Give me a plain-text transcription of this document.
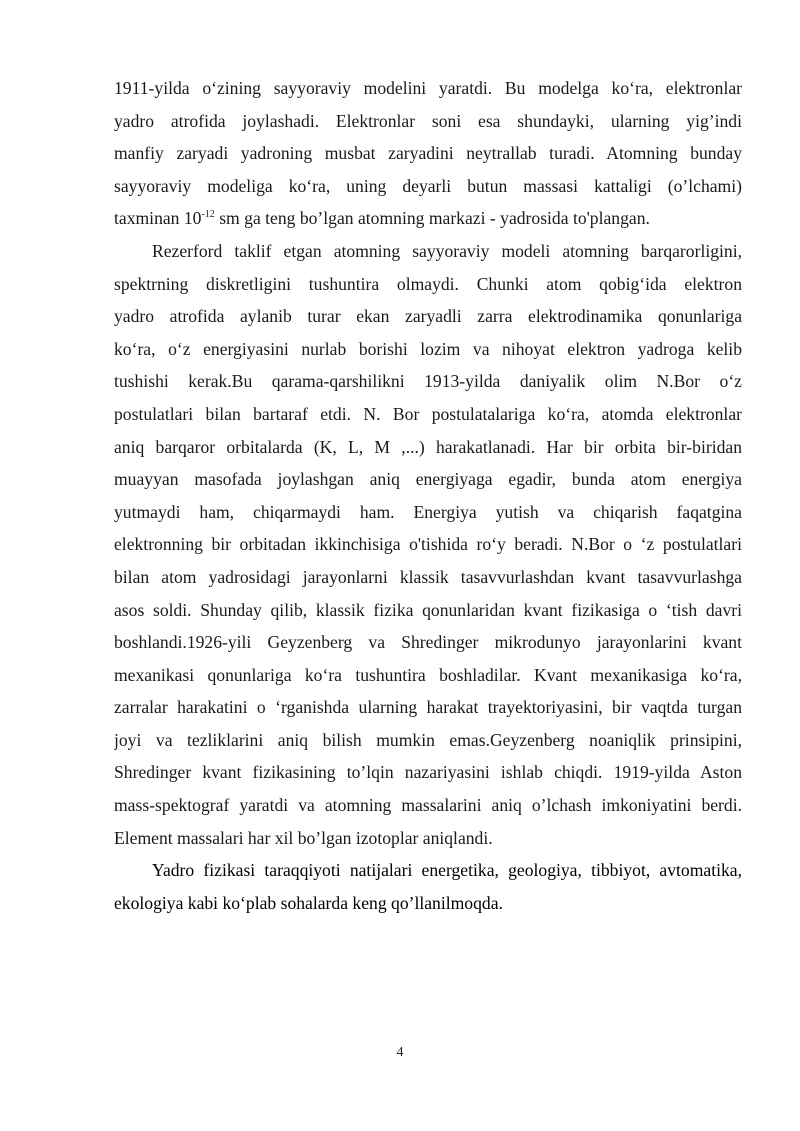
1911-yilda o‘zining sayyoraviy modelini yaratdi. Bu modelga ko‘ra, elektronlar
yadro atrofida joylashadi. Elektronlar soni esa shundayki, ularning yig’indi
manfiy zaryadi yadroning musbat zaryadini neytrallab turadi. Atomning bunday
sayyoraviy modeliga ko‘ra, uning deyarli butun massasi kattaligi (o’lchami)
taxminan $10^{-12}$ sm ga teng bo’lgan atomning markazi - yadrosida to'plangan.
Rezerford taklif etgan atomning sayyoraviy modeli atomning barqarorligini,
spektrning diskretligini tushuntira olmaydi. Chunki atom qobig‘ida elektron
yadro atrofida aylanib turar ekan zaryadli zarra elektrodinamika qonunlariga
ko‘ra, o‘z energiyasini nurlab borishi lozim va nihoyat elektron yadroga kelib
tushishi kerak.Bu qarama-qarshilikni 1913-yilda daniyalik olim N.Bor o‘z
postulatlari bilan bartaraf etdi. N. Bor postulatalariga ko‘ra, atomda elektronlar
aniq barqaror orbitalarda (K, L, M ,...) harakatlanadi. Har bir orbita bir-biridan
muayyan masofada joylashgan aniq energiyaga egadir, bunda atom energiya
yutmaydi ham, chiqarmaydi ham. Energiya yutish va chiqarish faqatgina
elektronning bir orbitadan ikkinchisiga o'tishida ro‘y beradi. N.Bor o ‘z postulatlari
bilan atom yadrosidagi jarayonlarni klassik tasavvurlashdan kvant tasavvurlashga
asos soldi. Shunday qilib, klassik fizika qonunlaridan kvant fizikasiga o ‘tish davri
boshlandi.1926-yili Geyzenberg va Shredinger mikrodunyo jarayonlarini kvant
mexanikasi qonunlariga ko‘ra tushuntira boshladilar. Kvant mexanikasiga ko‘ra,
zarralar harakatini o ‘rganishda ularning harakat trayektoriyasini, bir vaqtda turgan
joyi va tezliklarini aniq bilish mumkin emas.Geyzenberg noaniqlik prinsipini,
Shredinger kvant fizikasining to’lqin nazariyasini ishlab chiqdi. 1919-yilda Aston
mass-spektograf yaratdi va atomning massalarini aniq o’lchash imkoniyatini berdi.
Element massalari har xil bo’lgan izotoplar aniqlandi.
Yadro fizikasi taraqqiyoti natijalari energetika, geologiya, tibbiyot, avtomatika,
ekologiya kabi ko‘plab sohalarda keng qo’llanilmoqda.
4
